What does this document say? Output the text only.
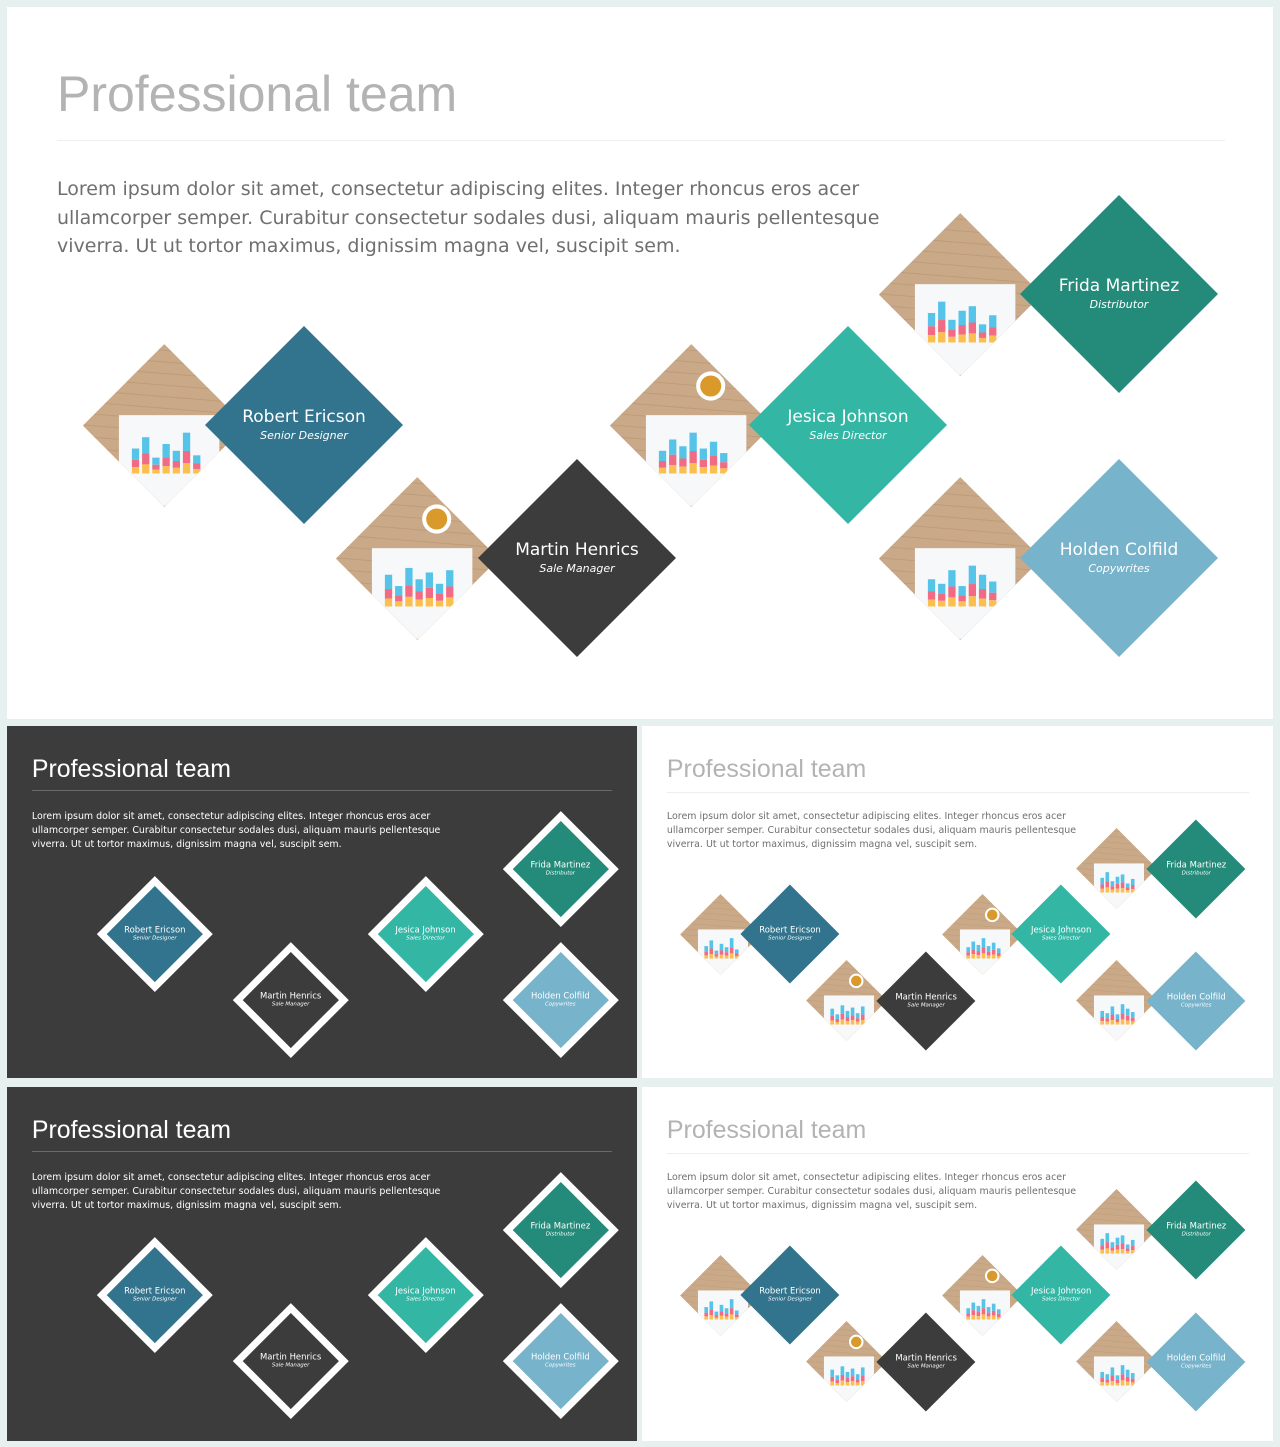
Professional team

Lorem ipsum dolor sit amet, consectetur adipiscing elites. Integer rhoncus eros acer ullamcorper semper. Curabitur consectetur sodales dusi, aliquam mauris pellentesque viverra. Ut ut tortor maximus, dignissim magna vel, suscipit sem.

Robert Ericson
Senior Designer
Martin Henrics
Sale Manager
Jesica Johnson
Sales Director
Frida Martinez
Distributor
Holden Colfild
Copywrites
Professional team

Lorem ipsum dolor sit amet, consectetur adipiscing elites. Integer rhoncus eros acer ullamcorper semper. Curabitur consectetur sodales dusi, aliquam mauris pellentesque viverra. Ut ut tortor maximus, dignissim magna vel, suscipit sem.

Robert Ericson
Senior Designer
Martin Henrics
Sale Manager
Jesica Johnson
Sales Director
Frida Martinez
Distributor
Holden Colfild
Copywrites
Professional team

Lorem ipsum dolor sit amet, consectetur adipiscing elites. Integer rhoncus eros acer ullamcorper semper. Curabitur consectetur sodales dusi, aliquam mauris pellentesque viverra. Ut ut tortor maximus, dignissim magna vel, suscipit sem.

Robert Ericson
Senior Designer
Martin Henrics
Sale Manager
Jesica Johnson
Sales Director
Frida Martinez
Distributor
Holden Colfild
Copywrites
Professional team

Lorem ipsum dolor sit amet, consectetur adipiscing elites. Integer rhoncus eros acer ullamcorper semper. Curabitur consectetur sodales dusi, aliquam mauris pellentesque viverra. Ut ut tortor maximus, dignissim magna vel, suscipit sem.

Robert Ericson
Senior Designer
Martin Henrics
Sale Manager
Jesica Johnson
Sales Director
Frida Martinez
Distributor
Holden Colfild
Copywrites
Professional team

Lorem ipsum dolor sit amet, consectetur adipiscing elites. Integer rhoncus eros acer ullamcorper semper. Curabitur consectetur sodales dusi, aliquam mauris pellentesque viverra. Ut ut tortor maximus, dignissim magna vel, suscipit sem.

Robert Ericson
Senior Designer
Martin Henrics
Sale Manager
Jesica Johnson
Sales Director
Frida Martinez
Distributor
Holden Colfild
Copywrites
